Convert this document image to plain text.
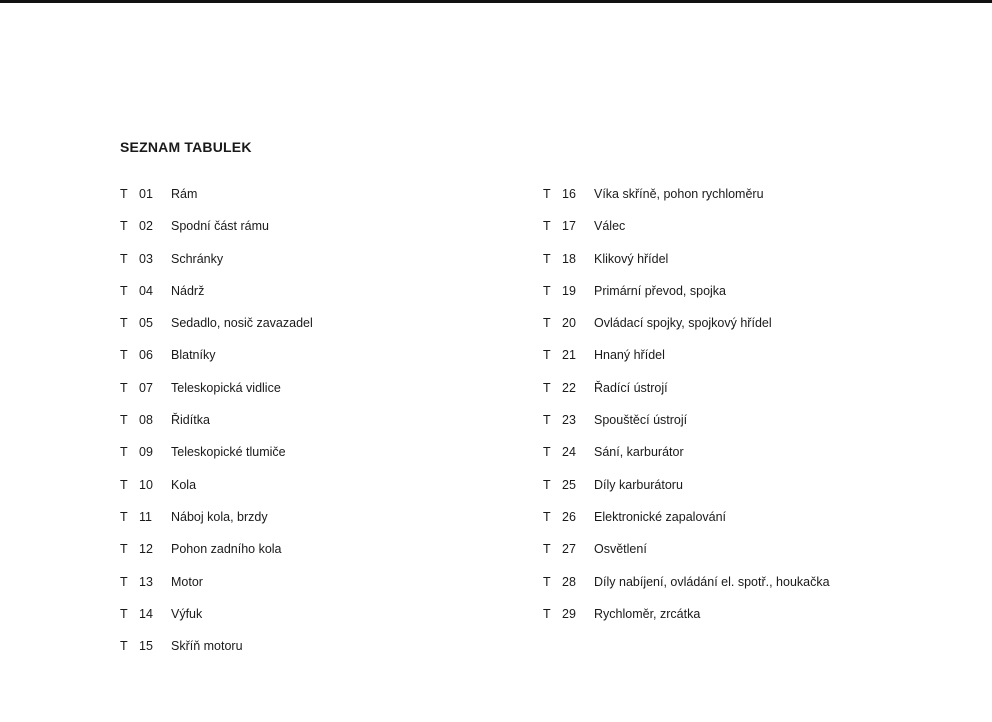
SEZNAM TABULEK
T 01	Rám
T 02	Spodní část rámu
T 03	Schránky
T 04	Nádrž
T 05	Sedadlo, nosič zavazadel
T 06	Blatníky
T 07	Teleskopická vidlice
T 08	Řidítka
T 09	Teleskopické tlumiče
T 10	Kola
T 11	Náboj kola, brzdy
T 12	Pohon zadního kola
T 13	Motor
T 14	Výfuk
T 15	Skříň motoru
T 16	Víka skříně, pohon rychloměru
T 17	Válec
T 18	Klikový hřídel
T 19	Primární převod, spojka
T 20	Ovládací spojky, spojkový hřídel
T 21	Hnaný hřídel
T 22	Řadící ústrojí
T 23	Spouštěcí ústrojí
T 24	Sání, karburátor
T 25	Díly karburátoru
T 26	Elektronické zapalování
T 27	Osvětlení
T 28	Díly nabíjení, ovládání el. spotř., houkačka
T 29	Rychloměr, zrcátka
